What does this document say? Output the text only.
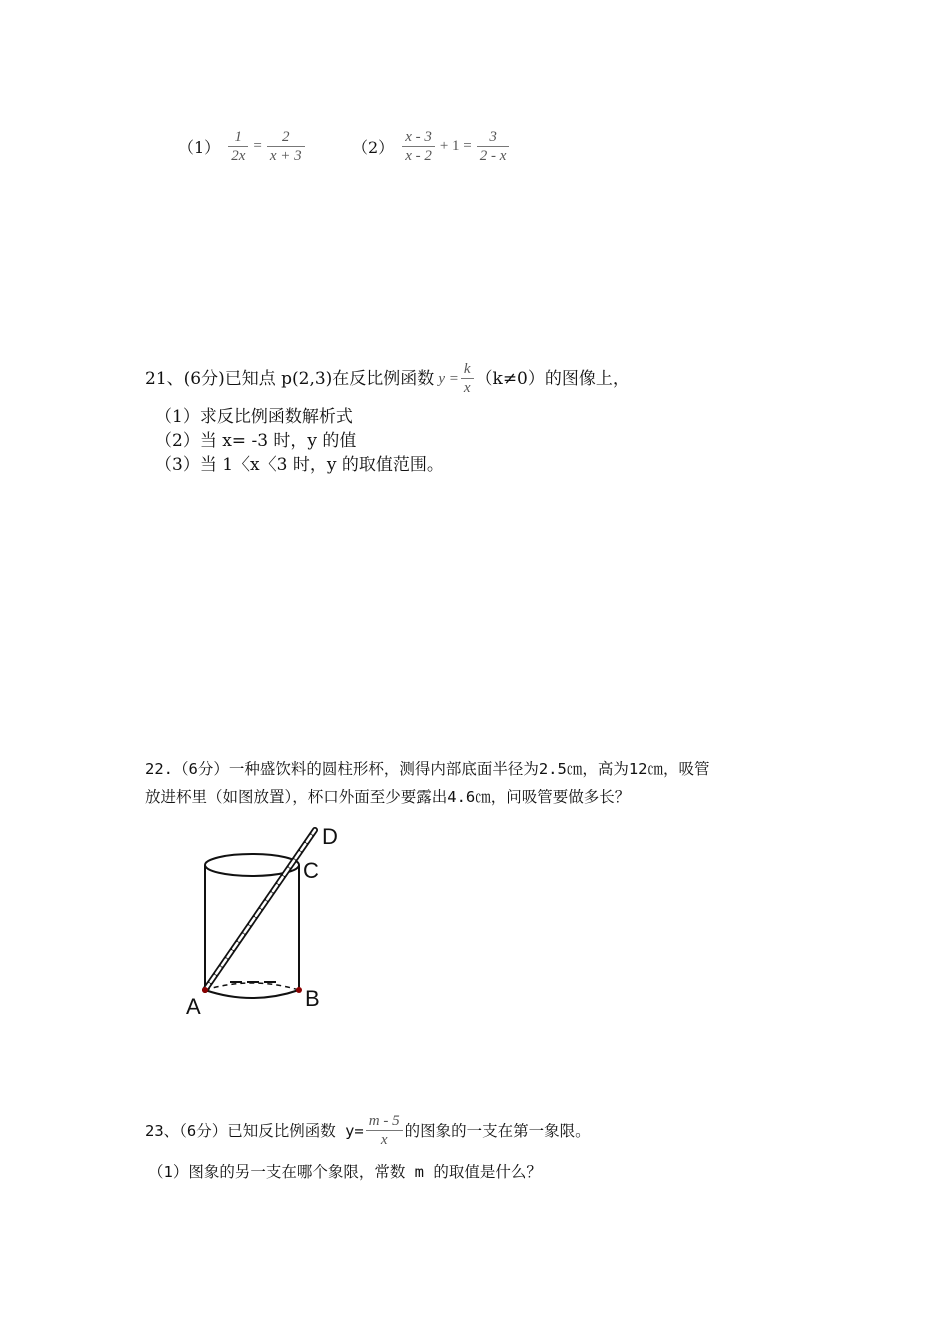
$(1) \frac{1}{2x} = \frac{2}{x + 3}$	$(2) \frac{x - 3}{x - 2} + 1 = \frac{3}{2 - x}$
21、(6分)已知点 p(2,3)在反比例函数 $y = \frac{k}{x} (k\ne 0)$的图像上，
（1）求反比例函数解析式
（2）当 x= -3 时，y 的值
（3）当 1〈x〈3 时，y 的取值范围。
22.（6分）一种盛饮料的圆柱形杯，测得内部底面半径为2.5㎝，高为12㎝，吸管
放进杯里（如图放置），杯口外面至少要露出4.6㎝，问吸管要做多长？
A	B
C
D
23、（6分）已知反比例函数 $y= \frac{m - 5}{x}$ 的图象的一支在第一象限。
（1）图象的另一支在哪个象限，常数 m 的取值是什么？
